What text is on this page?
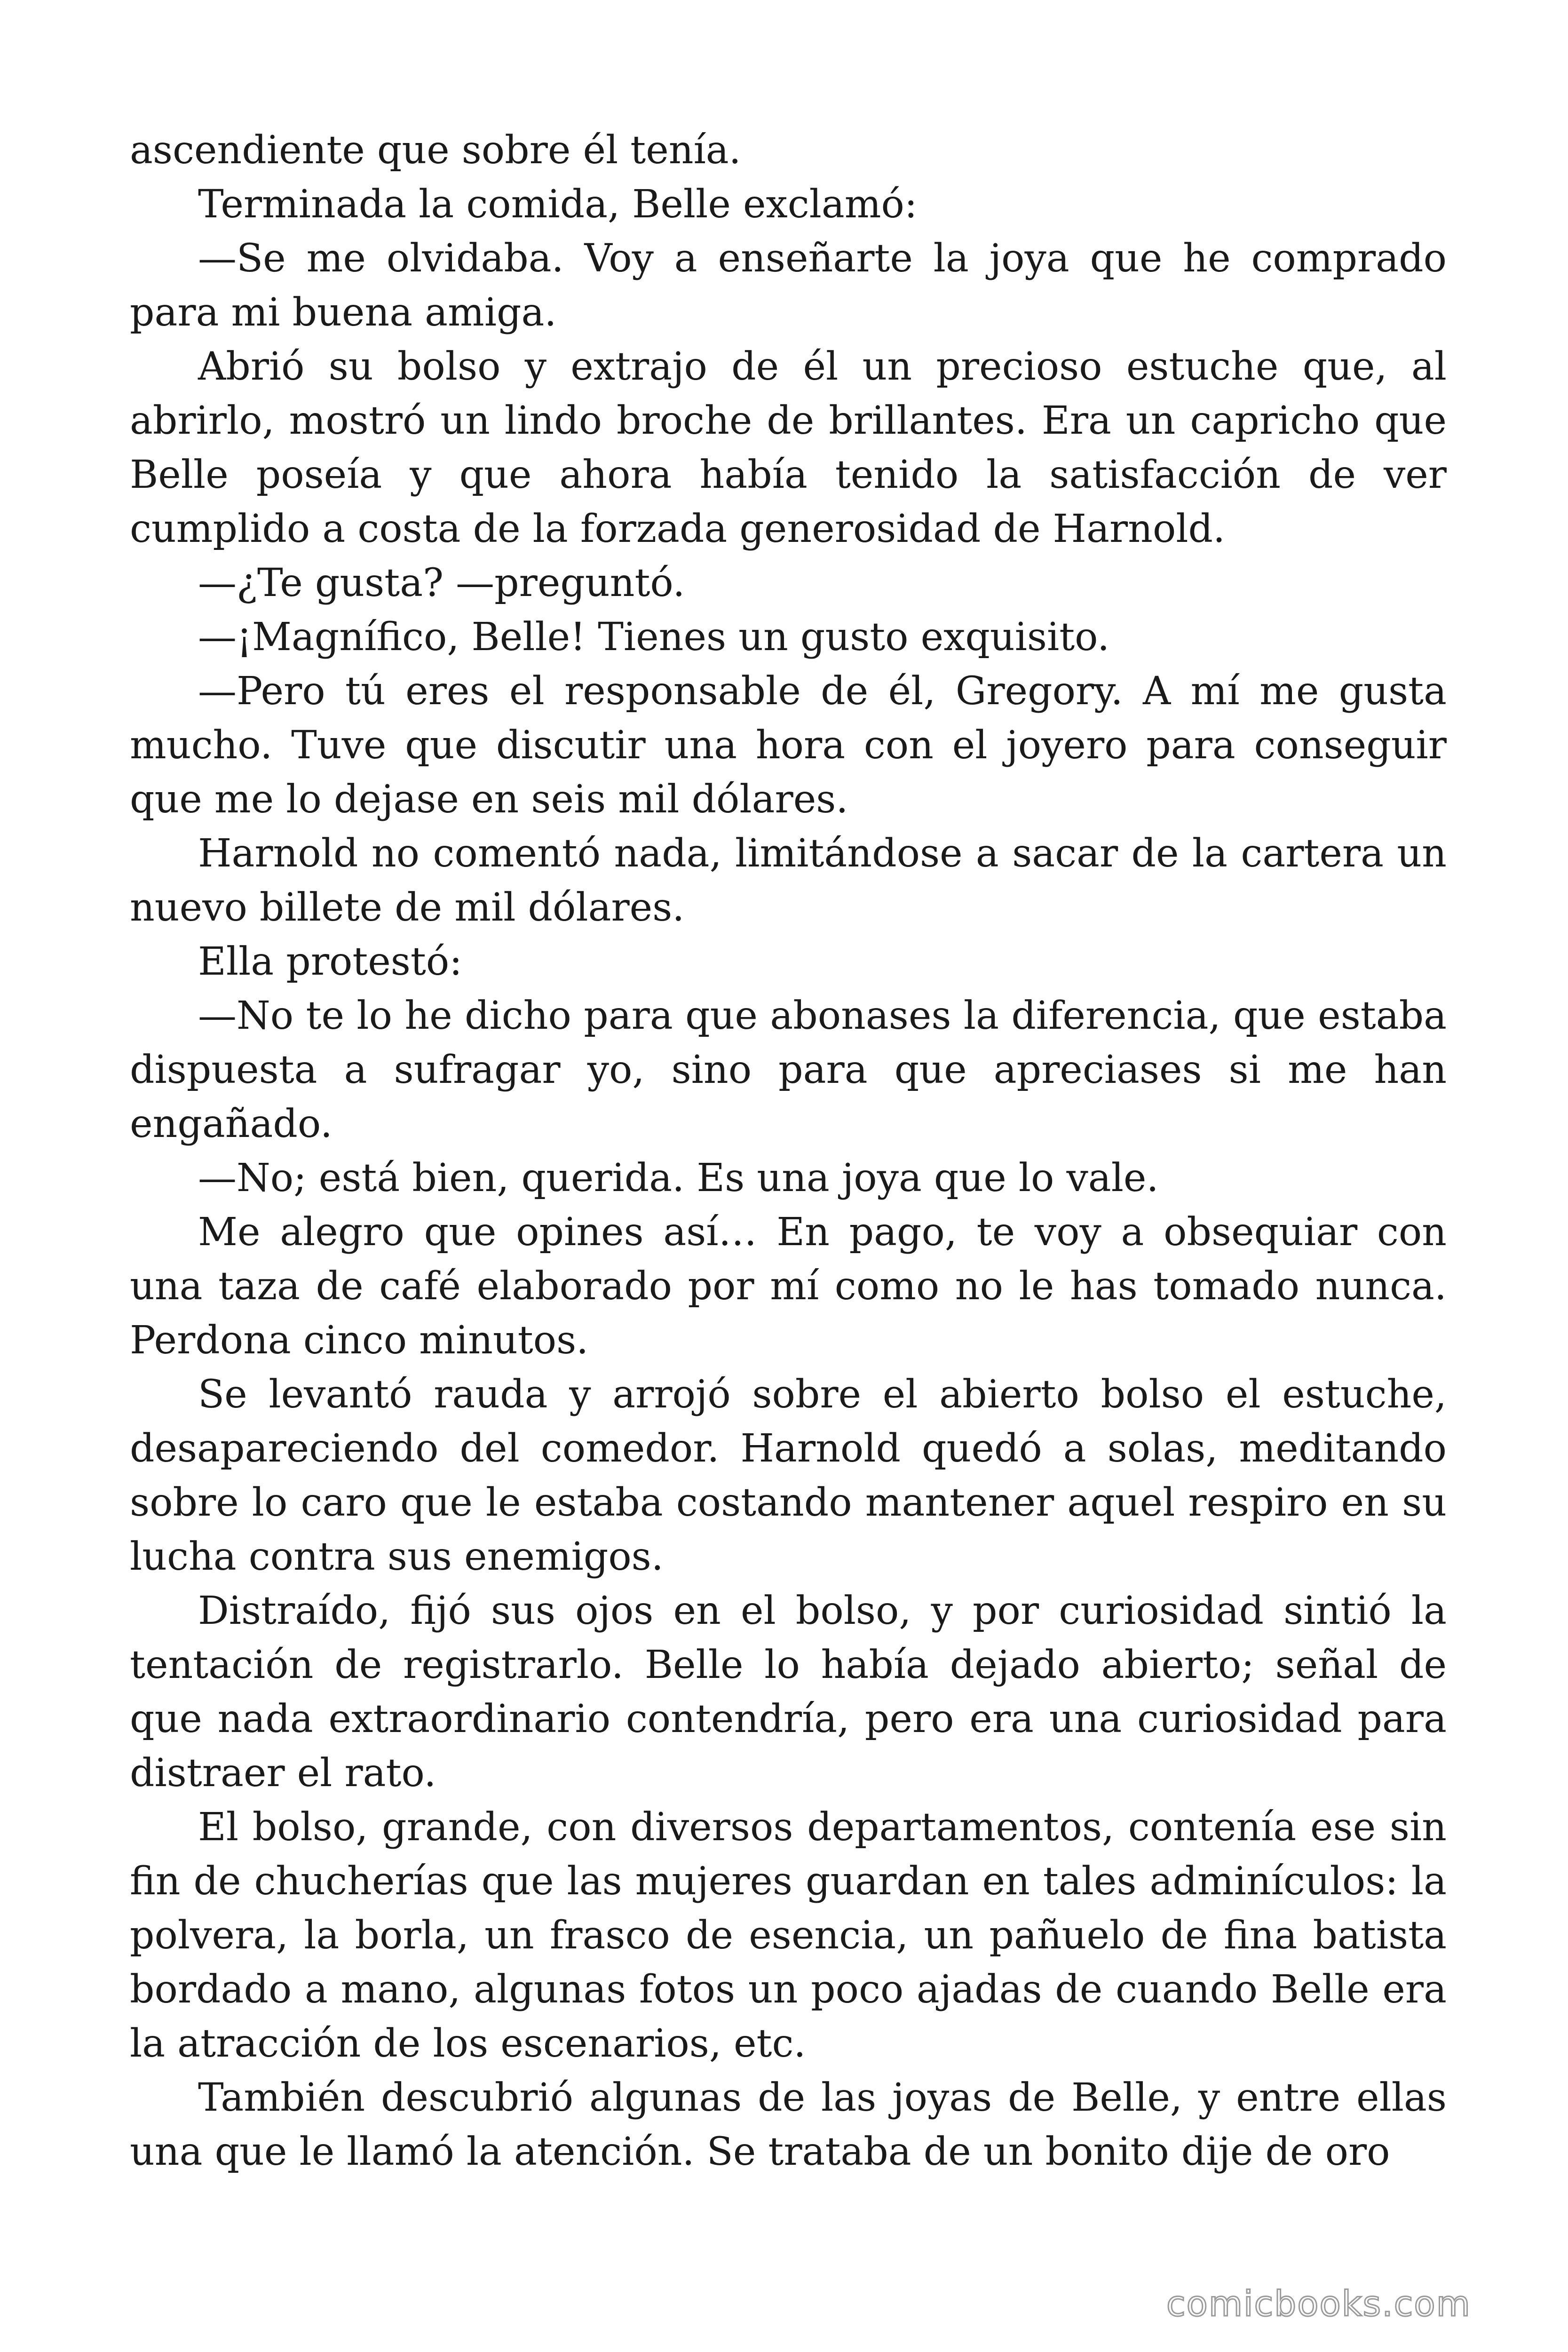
ascendiente que sobre él tenía.

Terminada la comida, Belle exclamó:

—Se me olvidaba. Voy a enseñarte la joya que he comprado para mi buena amiga.

Abrió su bolso y extrajo de él un precioso estuche que, al abrirlo, mostró un lindo broche de brillantes. Era un capricho que Belle poseía y que ahora había tenido la satisfacción de ver cumplido a costa de la forzada generosidad de Harnold.

—¿Te gusta? —preguntó.

—¡Magnífico, Belle! Tienes un gusto exquisito.

—Pero tú eres el responsable de él, Gregory. A mí me gusta mucho. Tuve que discutir una hora con el joyero para conseguir que me lo dejase en seis mil dólares.

Harnold no comentó nada, limitándose a sacar de la cartera un nuevo billete de mil dólares.

Ella protestó:

—No te lo he dicho para que abonases la diferencia, que estaba dispuesta a sufragar yo, sino para que apreciases si me han engañado.

—No; está bien, querida. Es una joya que lo vale.

Me alegro que opines así… En pago, te voy a obsequiar con una taza de café elaborado por mí como no le has tomado nunca. Perdona cinco minutos.

Se levantó rauda y arrojó sobre el abierto bolso el estuche, desapareciendo del comedor. Harnold quedó a solas, meditando sobre lo caro que le estaba costando mantener aquel respiro en su lucha contra sus enemigos.

Distraído, fijó sus ojos en el bolso, y por curiosidad sintió la tentación de registrarlo. Belle lo había dejado abierto; señal de que nada extraordinario contendría, pero era una curiosidad para distraer el rato.

El bolso, grande, con diversos departamentos, contenía ese sin fin de chucherías que las mujeres guardan en tales adminículos: la polvera, la borla, un frasco de esencia, un pañuelo de fina batista bordado a mano, algunas fotos un poco ajadas de cuando Belle era la atracción de los escenarios, etc.

También descubrió algunas de las joyas de Belle, y entre ellas una que le llamó la atención. Se trataba de un bonito dije de oro

comicbooks.com
